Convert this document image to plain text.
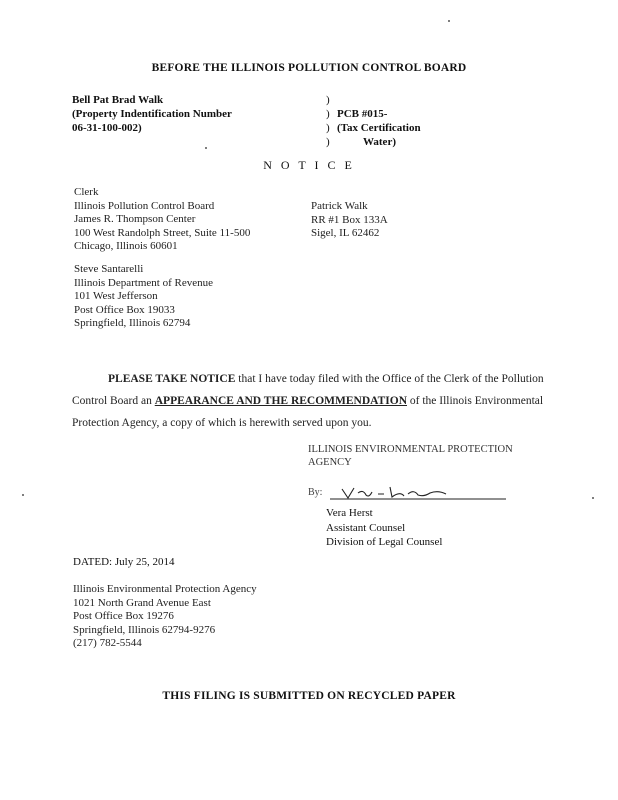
BEFORE THE ILLINOIS POLLUTION CONTROL BOARD
Bell Pat Brad Walk
(Property Indentification Number
06-31-100-002)
)
)
)
)

PCB #015-
(Tax Certification
Water)
N O T I C E
Clerk
Illinois Pollution Control Board
James R. Thompson Center
100 West Randolph Street, Suite 11-500
Chicago, Illinois 60601
Patrick Walk
RR #1 Box 133A
Sigel, IL 62462
Steve Santarelli
Illinois Department of Revenue
101 West Jefferson
Post Office Box 19033
Springfield, Illinois 62794
PLEASE TAKE NOTICE that I have today filed with the Office of the Clerk of the Pollution Control Board an APPEARANCE AND THE RECOMMENDATION of the Illinois Environmental Protection Agency, a copy of which is herewith served upon you.
ILLINOIS ENVIRONMENTAL PROTECTION
AGENCY
By:
Vera Herst
Assistant Counsel
Division of Legal Counsel
DATED: July 25, 2014
Illinois Environmental Protection Agency
1021 North Grand Avenue East
Post Office Box 19276
Springfield, Illinois 62794-9276
(217) 782-5544
THIS FILING IS SUBMITTED ON RECYCLED PAPER
